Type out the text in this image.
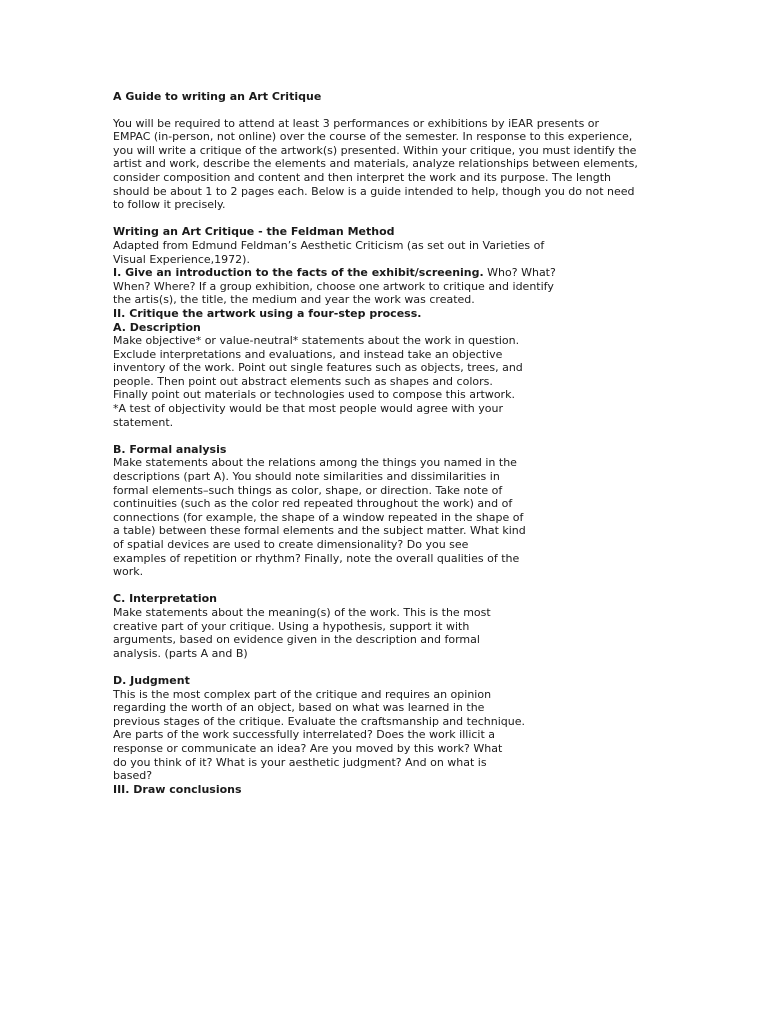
A Guide to writing an Art Critique
You will be required to attend at least 3 performances or exhibitions by iEAR presents or
EMPAC (in-person, not online) over the course of the semester. In response to this experience,
you will write a critique of the artwork(s) presented. Within your critique, you must identify the
artist and work, describe the elements and materials, analyze relationships between elements,
consider composition and content and then interpret the work and its purpose. The length
should be about 1 to 2 pages each. Below is a guide intended to help, though you do not need
to follow it precisely.
Writing an Art Critique - the Feldman Method
Adapted from Edmund Feldman’s Aesthetic Criticism (as set out in Varieties of
Visual Experience,1972).
I. Give an introduction to the facts of the exhibit/screening. Who? What?
When? Where? If a group exhibition, choose one artwork to critique and identify
the artis(s), the title, the medium and year the work was created.
II. Critique the artwork using a four-step process.
A. Description
Make objective* or value-neutral* statements about the work in question.
Exclude interpretations and evaluations, and instead take an objective
inventory of the work. Point out single features such as objects, trees, and
people. Then point out abstract elements such as shapes and colors.
Finally point out materials or technologies used to compose this artwork.
*A test of objectivity would be that most people would agree with your
statement.
B. Formal analysis
Make statements about the relations among the things you named in the
descriptions (part A). You should note similarities and dissimilarities in
formal elements–such things as color, shape, or direction. Take note of
continuities (such as the color red repeated throughout the work) and of
connections (for example, the shape of a window repeated in the shape of
a table) between these formal elements and the subject matter. What kind
of spatial devices are used to create dimensionality? Do you see
examples of repetition or rhythm? Finally, note the overall qualities of the
work.
C. Interpretation
Make statements about the meaning(s) of the work. This is the most
creative part of your critique. Using a hypothesis, support it with
arguments, based on evidence given in the description and formal
analysis. (parts A and B)
D. Judgment
This is the most complex part of the critique and requires an opinion
regarding the worth of an object, based on what was learned in the
previous stages of the critique. Evaluate the craftsmanship and technique.
Are parts of the work successfully interrelated? Does the work illicit a
response or communicate an idea? Are you moved by this work? What
do you think of it? What is your aesthetic judgment? And on what is
based?
III. Draw conclusions
